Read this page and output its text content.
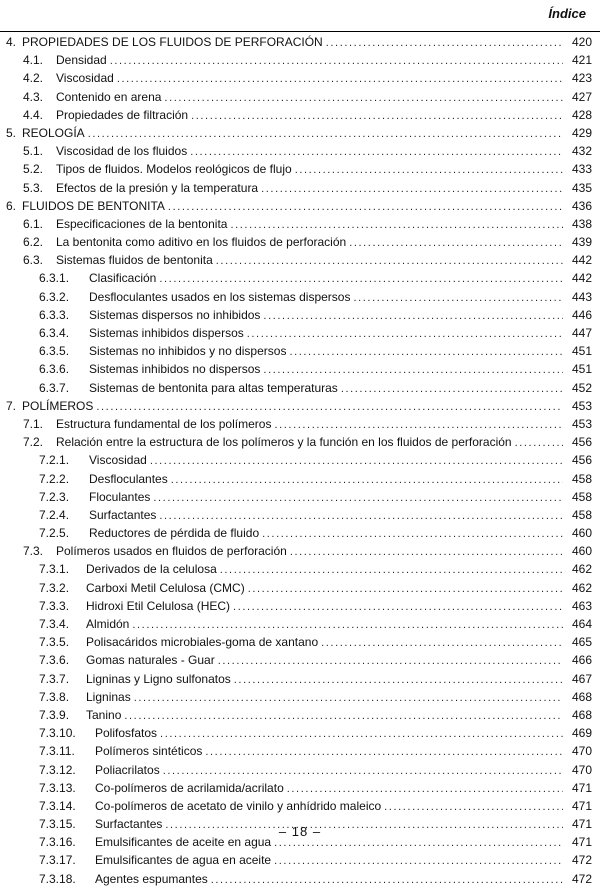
Índice
4. PROPIEDADES DE LOS FLUIDOS DE PERFORACIÓN .....	420
4.1.	Densidad .....	421
4.2.	Viscosidad .....	423
4.3.	Contenido en arena .....	427
4.4.	Propiedades de filtración .....	428
5. REOLOGÍA .....	429
5.1.	Viscosidad de los fluidos .....	432
5.2.	Tipos de fluidos. Modelos reológicos de flujo .....	433
5.3.	Efectos de la presión y la temperatura .....	435
6. FLUIDOS DE BENTONITA .....	436
6.1.	Especificaciones de la bentonita .....	438
6.2.	La bentonita como aditivo en los fluidos de perforación .....	439
6.3.	Sistemas fluidos de bentonita .....	442
6.3.1.	Clasificación .....	442
6.3.2.	Desfloculantes usados en los sistemas dispersos .....	443
6.3.3.	Sistemas dispersos no inhibidos .....	446
6.3.4.	Sistemas inhibidos dispersos .....	447
6.3.5.	Sistemas no inhibidos y no dispersos .....	451
6.3.6.	Sistemas inhibidos no dispersos .....	451
6.3.7.	Sistemas de bentonita para altas temperaturas .....	452
7. POLÍMEROS .....	453
7.1.	Estructura fundamental de los polímeros .....	453
7.2.	Relación entre la estructura de los polímeros y la función en los fluidos de perforación .....	456
7.2.1.	Viscosidad .....	456
7.2.2.	Desfloculantes .....	458
7.2.3.	Floculantes .....	458
7.2.4.	Surfactantes .....	458
7.2.5.	Reductores de pérdida de fluido .....	460
7.3.	Polímeros usados en fluidos de perforación .....	460
7.3.1.	Derivados de la celulosa .....	462
7.3.2.	Carboxi Metil Celulosa (CMC) .....	462
7.3.3.	Hidroxi Etil Celulosa (HEC) .....	463
7.3.4.	Almidón .....	464
7.3.5.	Polisacáridos microbiales-goma de xantano .....	465
7.3.6.	Gomas naturales - Guar .....	466
7.3.7.	Ligninas y Ligno sulfonatos .....	467
7.3.8.	Ligninas .....	468
7.3.9.	Tanino .....	468
7.3.10.	Polifosfatos .....	469
7.3.11.	Polímeros sintéticos .....	470
7.3.12.	Poliacrilatos .....	470
7.3.13.	Co-polímeros de acrilamida/acrilato .....	471
7.3.14.	Co-polímeros de acetato de vinilo y anhídrido maleico .....	471
7.3.15.	Surfactantes .....	471
7.3.16.	Emulsificantes de aceite en agua .....	471
7.3.17.	Emulsificantes de agua en aceite .....	472
7.3.18.	Agentes espumantes .....	472
– 18 –
